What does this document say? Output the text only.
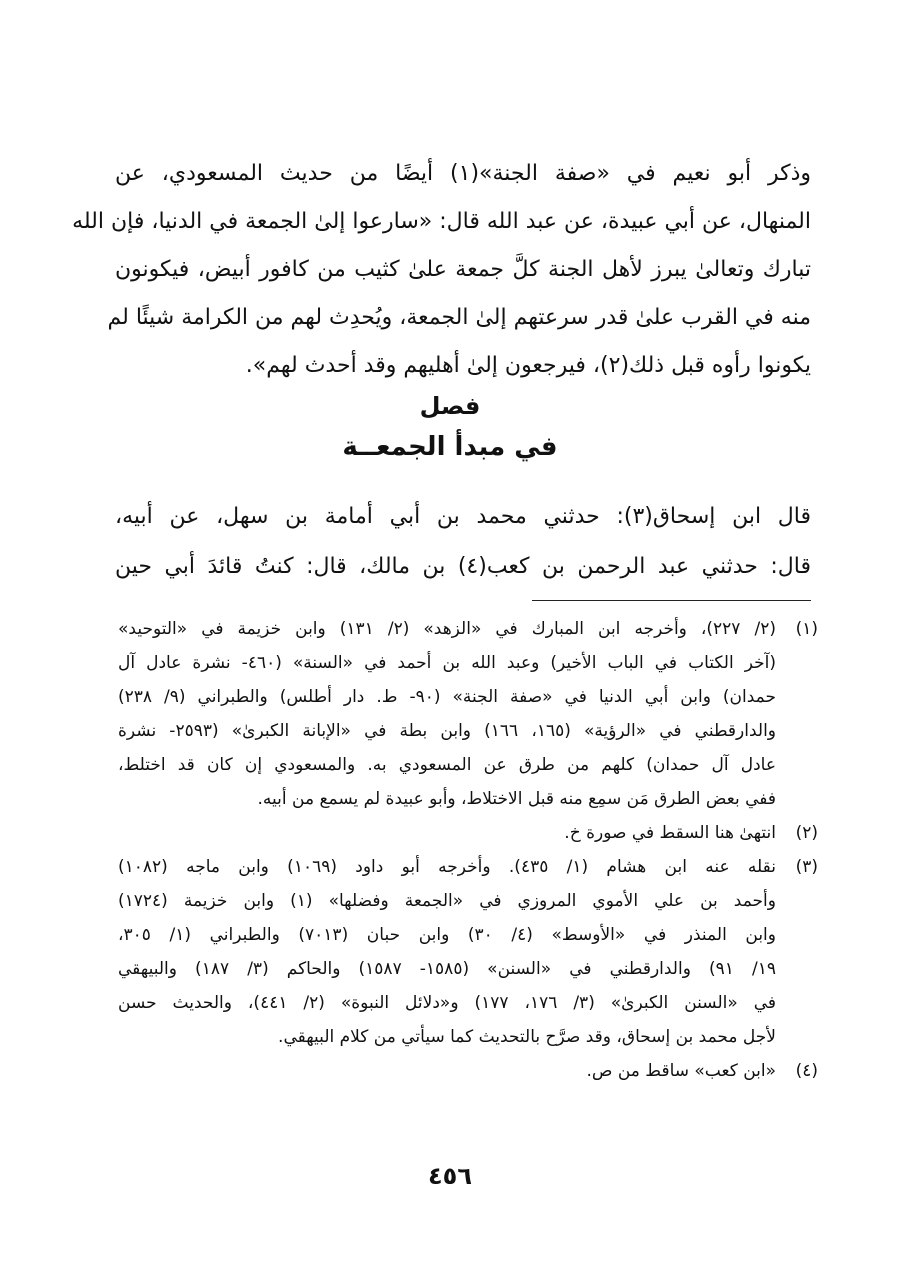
وذكر أبو نعيم في «صفة الجنة»(١) أيضًا من حديث المسعودي، عن
المنهال، عن أبي عبيدة، عن عبد الله قال: «سارعوا إلىٰ الجمعة في الدنيا، فإن الله
تبارك وتعالىٰ يبرز لأهل الجنة كلَّ جمعة علىٰ كثيب من كافور أبيض، فيكونون
منه في القرب علىٰ قدر سرعتهم إلىٰ الجمعة، ويُحدِث لهم من الكرامة شيئًا لم
يكونوا رأوه قبل ذلك(٢)، فيرجعون إلىٰ أهليهم وقد أحدث لهم».
فصل
في مبدأ الجمعــة
قال ابن إسحاق(٣): حدثني محمد بن أبي أمامة بن سهل، عن أبيه،
قال: حدثني عبد الرحمن بن كعب(٤) بن مالك، قال: كنتُ قائدَ أبي حين
(١)
(٢/ ٢٢٧)، وأخرجه ابن المبارك في «الزهد» (٢/ ١٣١) وابن خزيمة في «التوحيد»
(آخر الكتاب في الباب الأخير) وعبد الله بن أحمد في «السنة» (٤٦٠- نشرة عادل آل
حمدان) وابن أبي الدنيا في «صفة الجنة» (٩٠- ط. دار أطلس) والطبراني (٩/ ٢٣٨)
والدارقطني في «الرؤية» (١٦٥، ١٦٦) وابن بطة في «الإبانة الكبرىٰ» (٢٥٩٣- نشرة
عادل آل حمدان) كلهم من طرق عن المسعودي به. والمسعودي إن كان قد اختلط،
ففي بعض الطرق مَن سمِع منه قبل الاختلاط، وأبو عبيدة لم يسمع من أبيه.
(٢)
انتهىٰ هنا السقط في صورة خ.
(٣)
نقله عنه ابن هشام (١/ ٤٣٥). وأخرجه أبو داود (١٠٦٩) وابن ماجه (١٠٨٢)
وأحمد بن علي الأموي المروزي في «الجمعة وفضلها» (١) وابن خزيمة (١٧٢٤)
وابن المنذر في «الأوسط» (٤/ ٣٠) وابن حبان (٧٠١٣) والطبراني (١/ ٣٠٥،
١٩/ ٩١) والدارقطني في «السنن» (١٥٨٥- ١٥٨٧) والحاكم (٣/ ١٨٧) والبيهقي
في «السنن الكبرىٰ» (٣/ ١٧٦، ١٧٧) و«دلائل النبوة» (٢/ ٤٤١)، والحديث حسن
لأجل محمد بن إسحاق، وقد صرَّح بالتحديث كما سيأتي من كلام البيهقي.
(٤)
«ابن كعب» ساقط من ص.
٤٥٦
